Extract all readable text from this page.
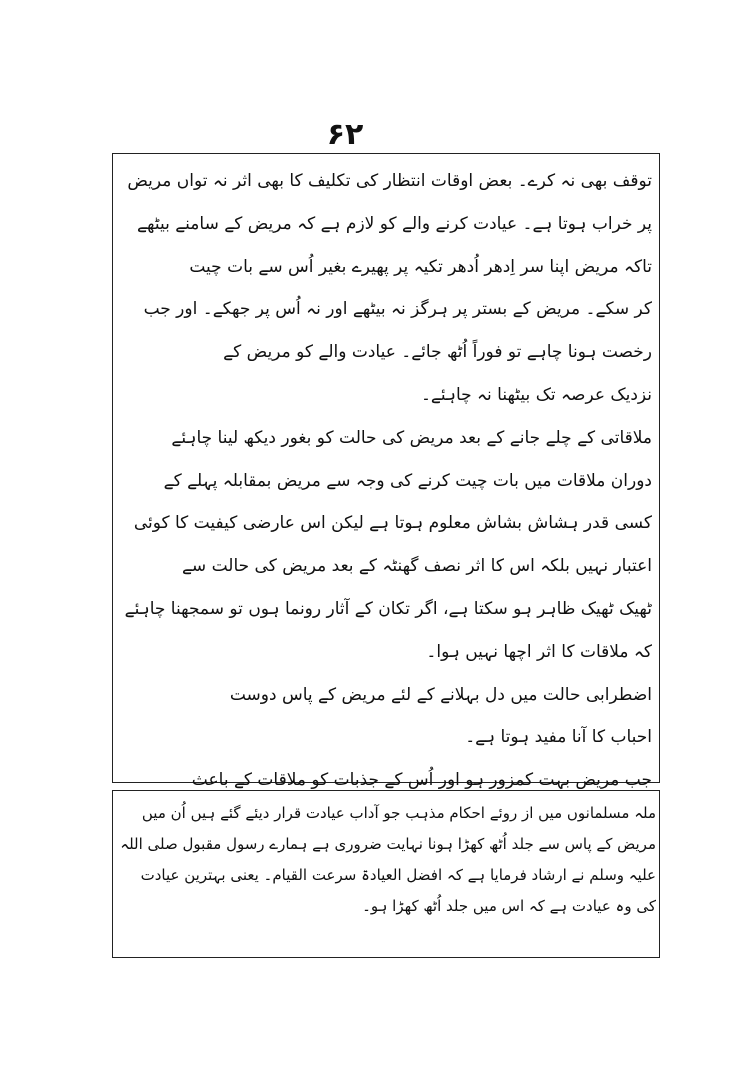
۶۲

توقف بھی نہ کرے۔ بعض اوقات انتظار کی تکلیف کا بھی اثر نہ تواں مریض

پر خراب ہوتا ہے۔ عیادت کرنے والے کو لازم ہے کہ مریض کے سامنے بیٹھے

تاکہ مریض اپنا سر اِدھر اُدھر تکیہ پر پھیرے بغیر اُس سے بات چیت

کر سکے۔ مریض کے بستر پر ہرگز نہ بیٹھے اور نہ اُس پر جھکے۔ اور جب

رخصت ہونا چاہے تو فوراً اُٹھ جائے۔ عیادت والے کو مریض کے

نزدیک عرصہ تک بیٹھنا نہ چاہئے۔

ملاقاتی کے چلے جانے کے بعد مریض کی حالت کو بغور دیکھ لینا چاہئے

دوران ملاقات میں بات چیت کرنے کی وجہ سے مریض بمقابلہ پہلے کے

کسی قدر ہشاش بشاش معلوم ہوتا ہے لیکن اس عارضی کیفیت کا کوئی

اعتبار نہیں بلکہ اس کا اثر نصف گھنٹہ کے بعد مریض کی حالت سے

ٹھیک ٹھیک ظاہر ہو سکتا ہے، اگر تکان کے آثار رونما ہوں تو سمجھنا چاہئے

کہ ملاقات کا اثر اچھا نہیں ہوا۔

اضطرابی حالت میں دل بہلانے کے لئے مریض کے پاس دوست

احباب کا آنا مفید ہوتا ہے۔

جب مریض بہت کمزور ہو اور اُس کے جذبات کو ملاقات کے باعث

ملہ مسلمانوں میں از روئے احکام مذہب جو آداب عیادت قرار دیئے گئے ہیں اُن میں

مریض کے پاس سے جلد اُٹھ کھڑا ہونا نہایت ضروری ہے ہمارے رسول مقبول صلی اللہ

علیہ وسلم نے ارشاد فرمایا ہے کہ افضل العیادۃ سرعت القیام۔ یعنی بہترین عیادت

کی وہ عیادت ہے کہ اس میں جلد اُٹھ کھڑا ہو۔
